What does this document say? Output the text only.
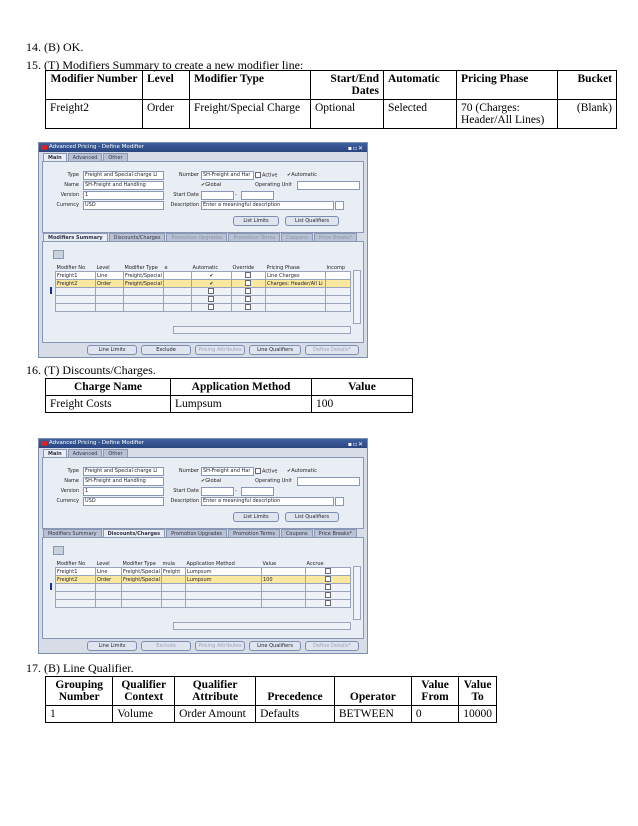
14. (B) OK.
15. (T) Modifiers Summary to create a new modifier line:
Modifier Number	Level	Modifier Type	Start/End Dates	Automatic	Pricing Phase	Bucket
Freight2	Order	Freight/Special Charge	Optional	Selected	70 (Charges: Header/All Lines)	(Blank)
Advanced Pricing - Define Modifier	▪▫✕
Main	Advanced	Other
Type	Freight and Special charge Li
Name	SH-Freight and Handling
Version	1
Currency	USD
Number SH-Freight and Har	Active	✔Automatic
✔Global	Operating Unit
Start Date	-
Description Enter a meaningful description
List Limits	List Qualifiers
Modifiers Summary	Discounts/Charges	Promotion Upgrades	Promotion Terms	Coupons	Price Breaks*
Modifier No	Level	Modifier Type	e	Automatic	Override	Pricing Phase	Incomp
Freight1	Line	Freight/Special		✔		Line Charges	
Freight2	Order	Freight/Special		✔		Charges: Header/All Li	

Line Limits	Exclude	Pricing Attributes	Line Qualifiers	Define Details*
16. (T) Discounts/Charges.
Charge Name	Application Method	Value
Freight Costs	Lumpsum	100
Advanced Pricing - Define Modifier	▪▫✕
Main	Advanced	Other
Type	Freight and Special charge Li
Name	SH-Freight and Handling
Version	1
Currency	USD
Number SH-Freight and Har	Active	✔Automatic
✔Global	Operating Unit
Start Date	-
Description Enter a meaningful description
List Limits	List Qualifiers
Modifiers Summary	Discounts/Charges	Promotion Upgrades	Promotion Terms	Coupons	Price Breaks*
Modifier No	Level	Modifier Type	mula	Application Method	Value	Accrue
Freight1	Line	Freight/Special	Freight	Lumpsum		
Freight2	Order	Freight/Special		Lumpsum	100	

Line Limits	Exclude	Pricing Attributes	Line Qualifiers	Define Details*
17. (B) Line Qualifier.
Grouping Number	Qualifier Context	Qualifier Attribute	Precedence	Operator	Value From	Value To
1	Volume	Order Amount	Defaults	BETWEEN	0	10000
